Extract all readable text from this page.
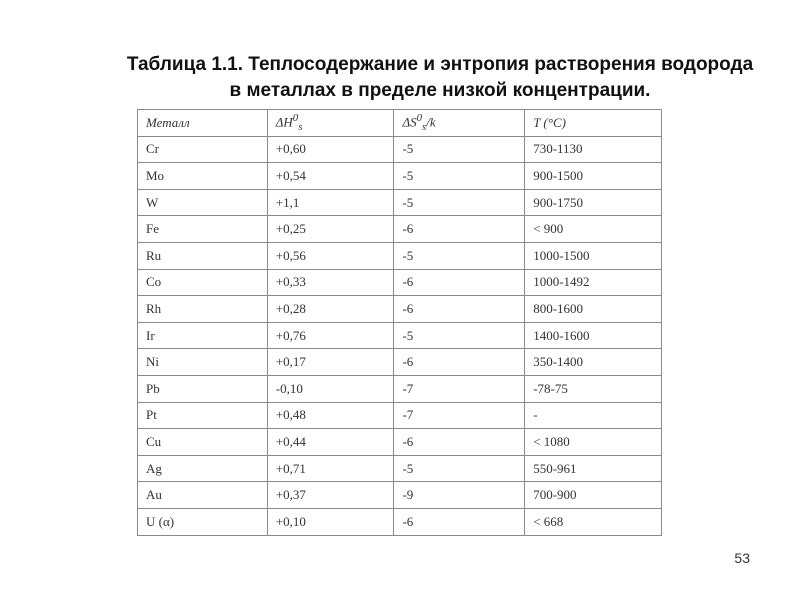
Таблица 1.1. Теплосодержание и энтропия растворения водорода
в металлах в пределе низкой концентрации.
Металл	$\Delta H^0_s$	$\Delta S^0_s/k$	T (°C)
Cr	+0,60	-5	730-1130
Mo	+0,54	-5	900-1500
W	+1,1	-5	900-1750
Fe	+0,25	-6	< 900
Ru	+0,56	-5	1000-1500
Co	+0,33	-6	1000-1492
Rh	+0,28	-6	800-1600
Ir	+0,76	-5	1400-1600
Ni	+0,17	-6	350-1400
Pb	-0,10	-7	-78-75
Pt	+0,48	-7	-
Cu	+0,44	-6	< 1080
Ag	+0,71	-5	550-961
Au	+0,37	-9	700-900
U (α)	+0,10	-6	< 668
53
